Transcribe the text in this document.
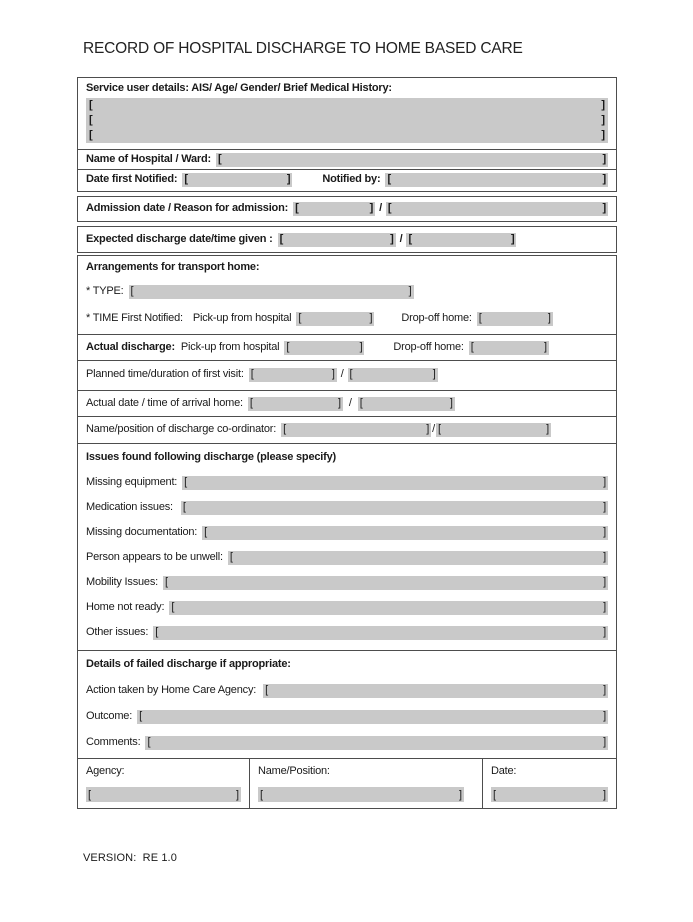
RECORD OF HOSPITAL DISCHARGE TO HOME BASED CARE
Service user details: AIS/ Age/ Gender/ Brief Medical History:
[	]
[	]
[	]
Name of Hospital / Ward: [	]
Date first Notified: [	]	Notified by: [	]
Admission date / Reason for admission: [	] / [	]
Expected discharge date/time given : [	] / [	]
Arrangements for transport home:
* TYPE: [	]
* TIME First Notified: Pick-up from hospital [	]	Drop-off home: [	]
Actual discharge: Pick-up from hospital [	]	Drop-off home: [	]
Planned time/duration of first visit: [	] / [	]
Actual date / time of arrival home: [	] / [	]
Name/position of discharge co-ordinator: [	] / [	]
Issues found following discharge (please specify)
Missing equipment: [	]
Medication issues: [	]
Missing documentation: [	]
Person appears to be unwell: [	]
Mobility Issues: [	]
Home not ready: [	]
Other issues: [	]
Details of failed discharge if appropriate:
Action taken by Home Care Agency: [	]
Outcome: [	]
Comments: [	]
Agency:
[	]
Name/Position:
[	]
Date:
[	]
VERSION:  RE 1.0
